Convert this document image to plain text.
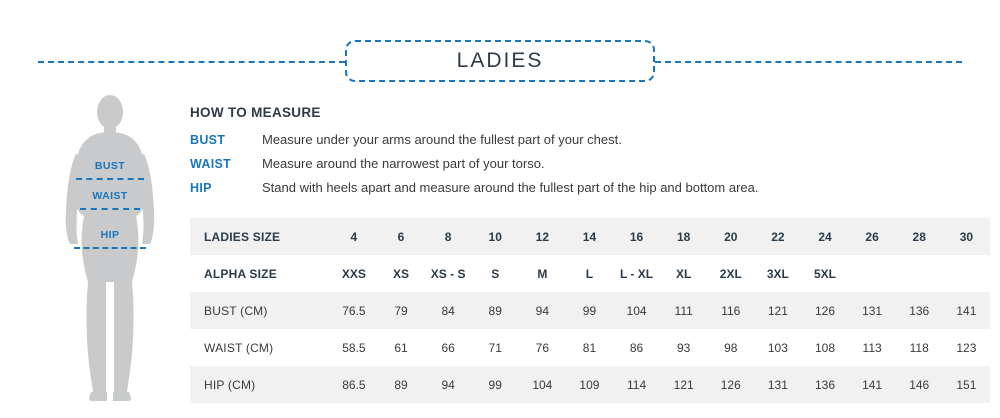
LADIES
BUST
WAIST
HIP
HOW TO MEASURE
BUST	Measure under your arms around the fullest part of your chest.
WAIST	Measure around the narrowest part of your torso.
HIP	Stand with heels apart and measure around the fullest part of the hip and bottom area.
LADIES SIZE	4	6	8	10	12	14	16	18	20	22	24	26	28	30
ALPHA SIZE	XXS	XS	XS - S	S	M	L	L - XL	XL	2XL	3XL	5XL			
BUST (CM)	76.5	79	84	89	94	99	104	111	116	121	126	131	136	141
WAIST (CM)	58.5	61	66	71	76	81	86	93	98	103	108	113	118	123
HIP (CM)	86.5	89	94	99	104	109	114	121	126	131	136	141	146	151
